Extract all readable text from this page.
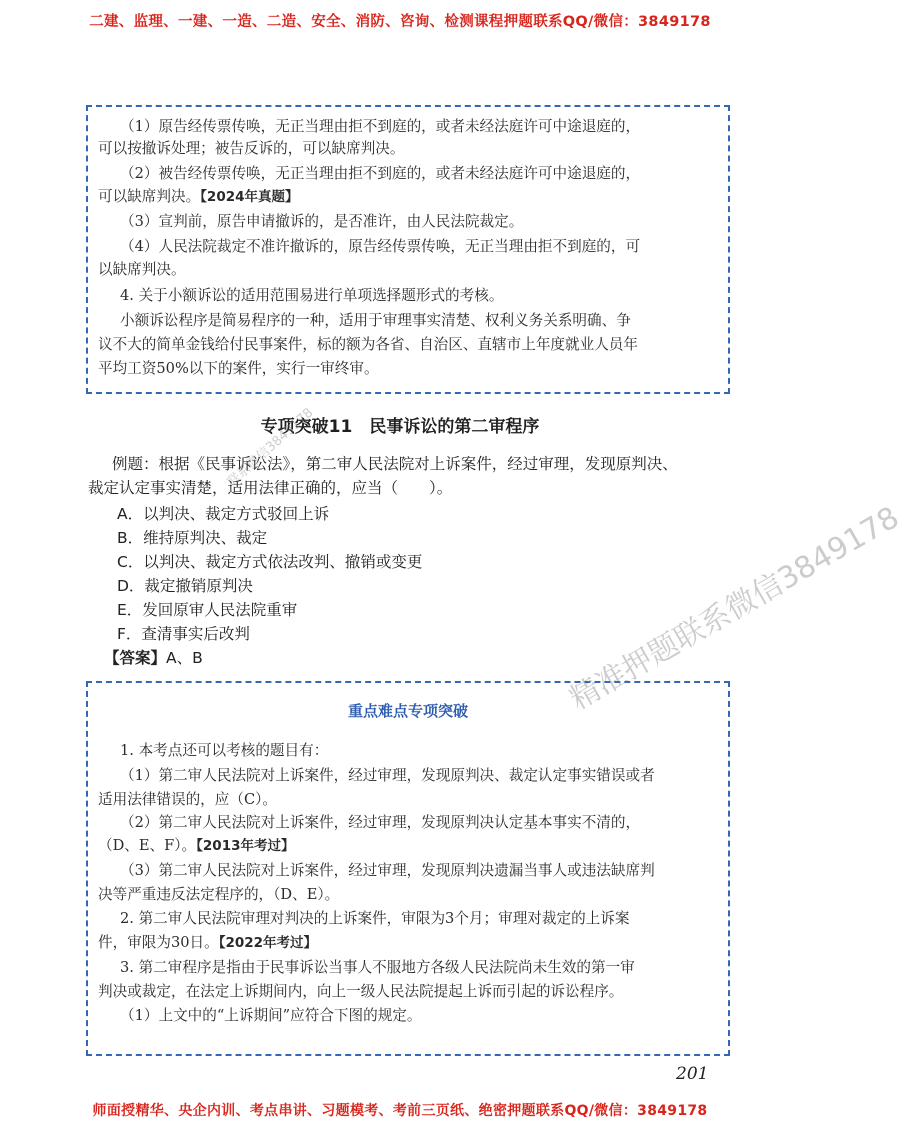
二建、监理、一建、一造、二造、安全、消防、咨询、检测课程押题联系QQ/微信：3849178
（1）原告经传票传唤，无正当理由拒不到庭的，或者未经法庭许可中途退庭的，
可以按撤诉处理；被告反诉的，可以缺席判决。
（2）被告经传票传唤，无正当理由拒不到庭的，或者未经法庭许可中途退庭的，
可以缺席判决。【2024年真题】
（3）宣判前，原告申请撤诉的，是否准许，由人民法院裁定。
（4）人民法院裁定不准许撤诉的，原告经传票传唤，无正当理由拒不到庭的，可
以缺席判决。
4. 关于小额诉讼的适用范围易进行单项选择题形式的考核。
小额诉讼程序是简易程序的一种，适用于审理事实清楚、权利义务关系明确、争
议不大的简单金钱给付民事案件，标的额为各省、自治区、直辖市上年度就业人员年
平均工资50%以下的案件，实行一审终审。
专项突破11　民事诉讼的第二审程序
例题：根据《民事诉讼法》，第二审人民法院对上诉案件，经过审理，发现原判决、
裁定认定事实清楚，适用法律正确的，应当（　　）。
A．以判决、裁定方式驳回上诉
B．维持原判决、裁定
C．以判决、裁定方式依法改判、撤销或变更
D．裁定撤销原判决
E．发回原审人民法院重审
F．查清事实后改判
【答案】A、B
重点难点专项突破
1. 本考点还可以考核的题目有：
（1）第二审人民法院对上诉案件，经过审理，发现原判决、裁定认定事实错误或者
适用法律错误的，应（C）。
（2）第二审人民法院对上诉案件，经过审理，发现原判决认定基本事实不清的，
（D、E、F）。【2013年考过】
（3）第二审人民法院对上诉案件，经过审理，发现原判决遗漏当事人或违法缺席判
决等严重违反法定程序的，（D、E）。
2. 第二审人民法院审理对判决的上诉案件，审限为3个月；审理对裁定的上诉案
件，审限为30日。【2022年考过】
3. 第二审程序是指由于民事诉讼当事人不服地方各级人民法院尚未生效的第一审
判决或裁定，在法定上诉期间内，向上一级人民法院提起上诉而引起的诉讼程序。
（1）上文中的“上诉期间”应符合下图的规定。
精准押题联系微信3849178
联系微信3849178
201
师面授精华、央企内训、考点串讲、习题模考、考前三页纸、绝密押题联系QQ/微信：3849178
